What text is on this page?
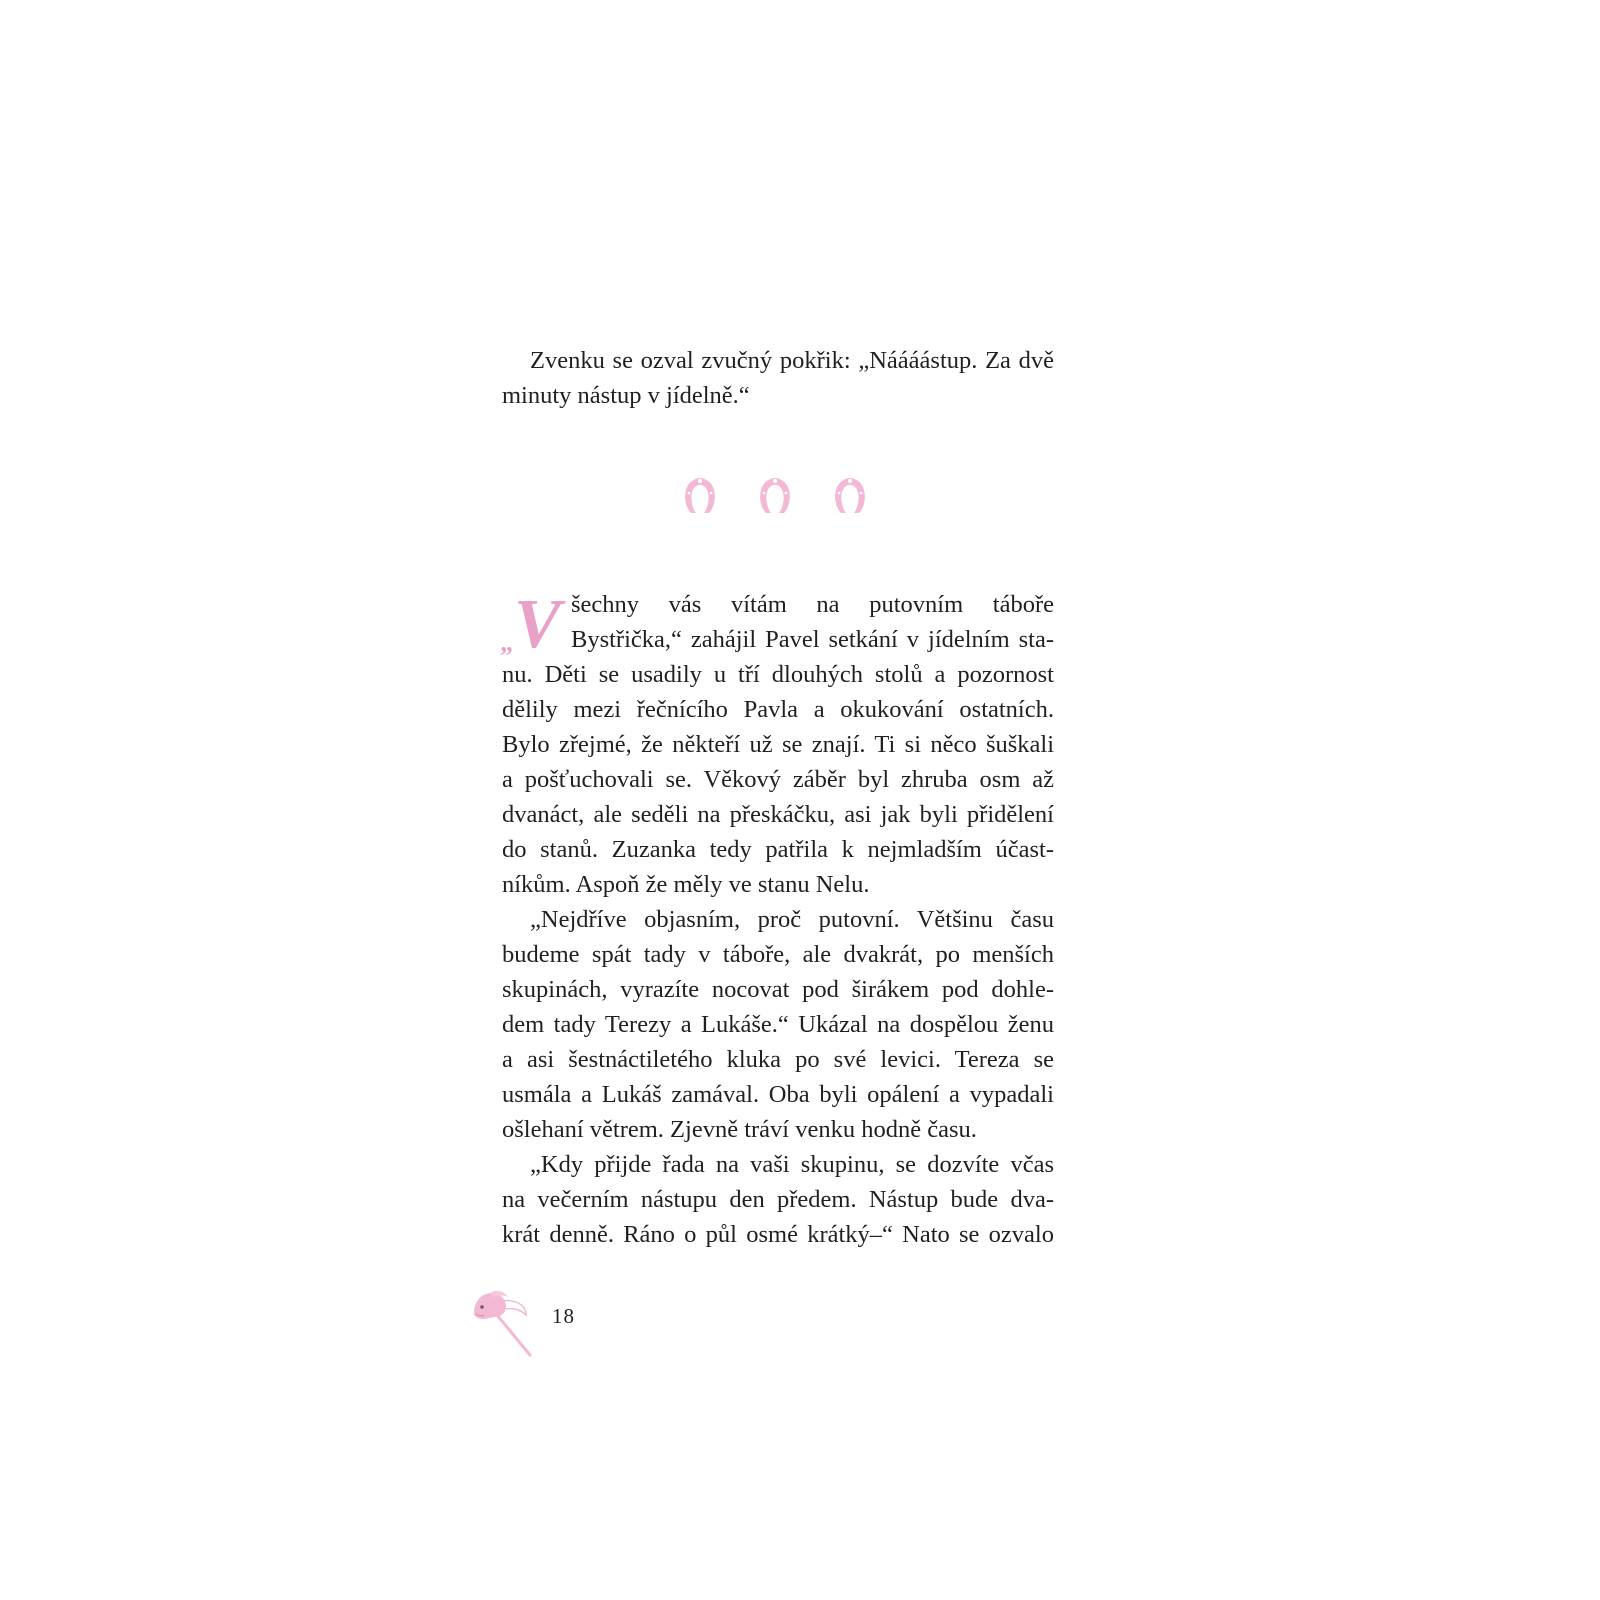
Zvenku se ozval zvučný pokřik: „Náááástup. Za dvě
minuty nástup v jídelně.“
„ V šechny vás vítám na putovním táboře
Bystřička,“ zahájil Pavel setkání v jídelním sta-
nu. Děti se usadily u tří dlouhých stolů a pozornost
dělily mezi řečnícího Pavla a okukování ostatních.
Bylo zřejmé, že někteří už se znají. Ti si něco šuškali
a pošťuchovali se. Věkový záběr byl zhruba osm až
dvanáct, ale seděli na přeskáčku, asi jak byli přidělení
do stanů. Zuzanka tedy patřila k nejmladším účast-
níkům. Aspoň že měly ve stanu Nelu.
„Nejdříve objasním, proč putovní. Většinu času
budeme spát tady v táboře, ale dvakrát, po menších
skupinách, vyrazíte nocovat pod širákem pod dohle-
dem tady Terezy a Lukáše.“ Ukázal na dospělou ženu
a asi šestnáctiletého kluka po své levici. Tereza se
usmála a Lukáš zamával. Oba byli opálení a vypadali
ošlehaní větrem. Zjevně tráví venku hodně času.
„Kdy přijde řada na vaši skupinu, se dozvíte včas
na večerním nástupu den předem. Nástup bude dva-
krát denně. Ráno o půl osmé krátký–“ Nato se ozvalo
18
